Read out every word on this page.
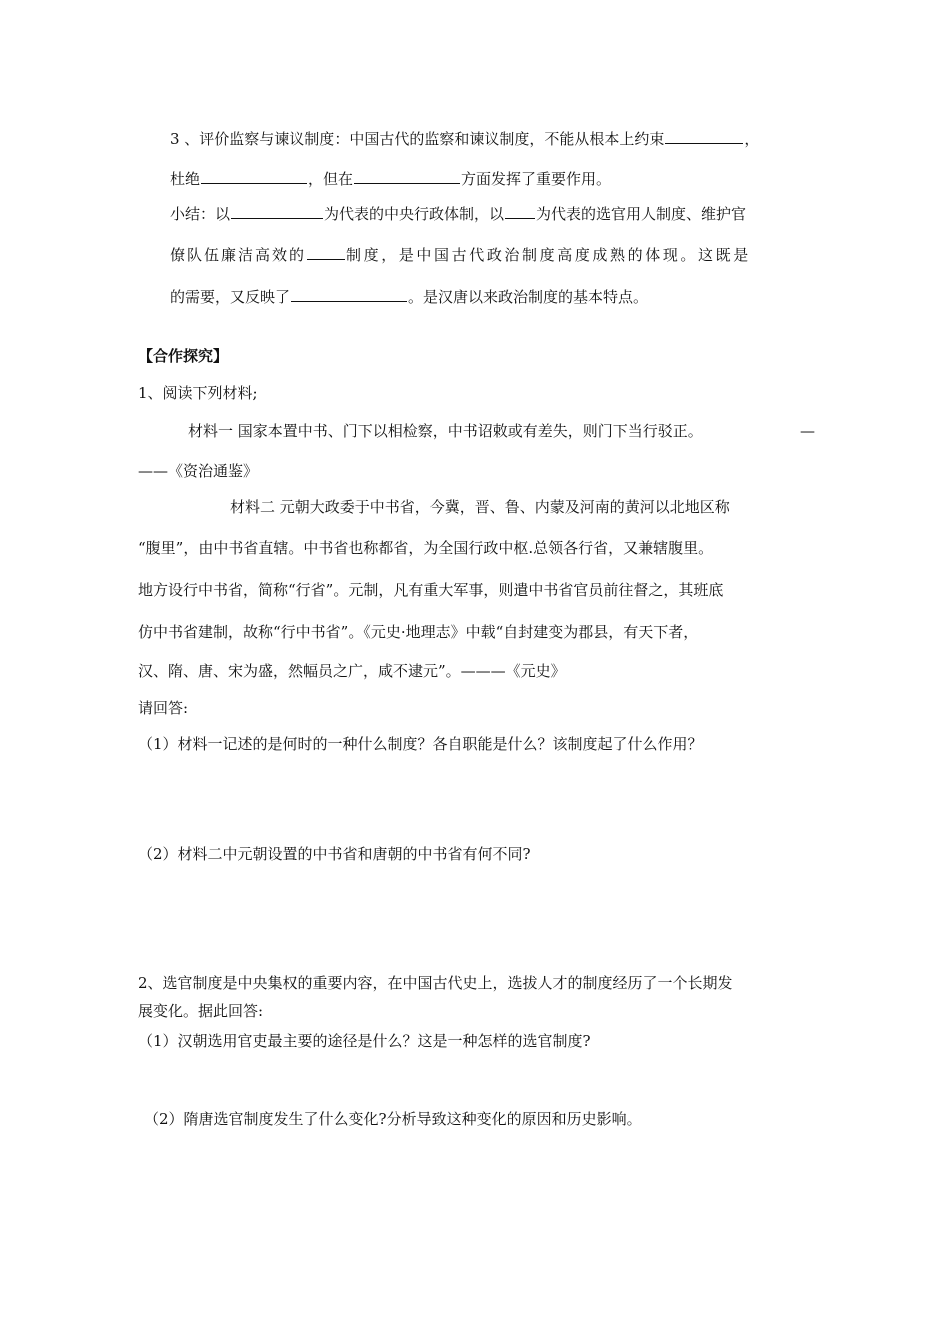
3 、评价监察与谏议制度：中国古代的监察和谏议制度，不能从根本上约束	，
杜绝	，但在	方面发挥了重要作用。
小结：以	为代表的中央行政体制，以 为代表的选官用人制度、维护官
僚队伍廉洁高效的	制度，是中国古代政治制度高度成熟的体现。这既是
的需要，又反映了	。是汉唐以来政治制度的基本特点。
【合作探究】
1、阅读下列材料;
材料一 国家本置中书、门下以相检察，中书诏敕或有差失，则门下当行驳正。	—
——《资治通鉴》
材料二 元朝大政委于中书省，今冀，晋、鲁、内蒙及河南的黄河以北地区称
“腹里”，由中书省直辖。中书省也称都省，为全国行政中枢.总领各行省，又兼辖腹里。
地方设行中书省，简称“行省”。元制，凡有重大军事，则遣中书省官员前往督之，其班底
仿中书省建制，故称“行中书省”。《元史·地理志》中载“自封建变为郡县，有天下者，
汉、隋、唐、宋为盛，然幅员之广，咸不逮元”。———《元史》
请回答:
（1）材料一记述的是何时的一种什么制度？各自职能是什么？该制度起了什么作用？
（2）材料二中元朝设置的中书省和唐朝的中书省有何不同?
2、选官制度是中央集权的重要内容，在中国古代史上，选拔人才的制度经历了一个长期发
展变化。据此回答:
（1）汉朝选用官吏最主要的途径是什么？这是一种怎样的选官制度?
（2）隋唐选官制度发生了什么变化?分析导致这种变化的原因和历史影响。
